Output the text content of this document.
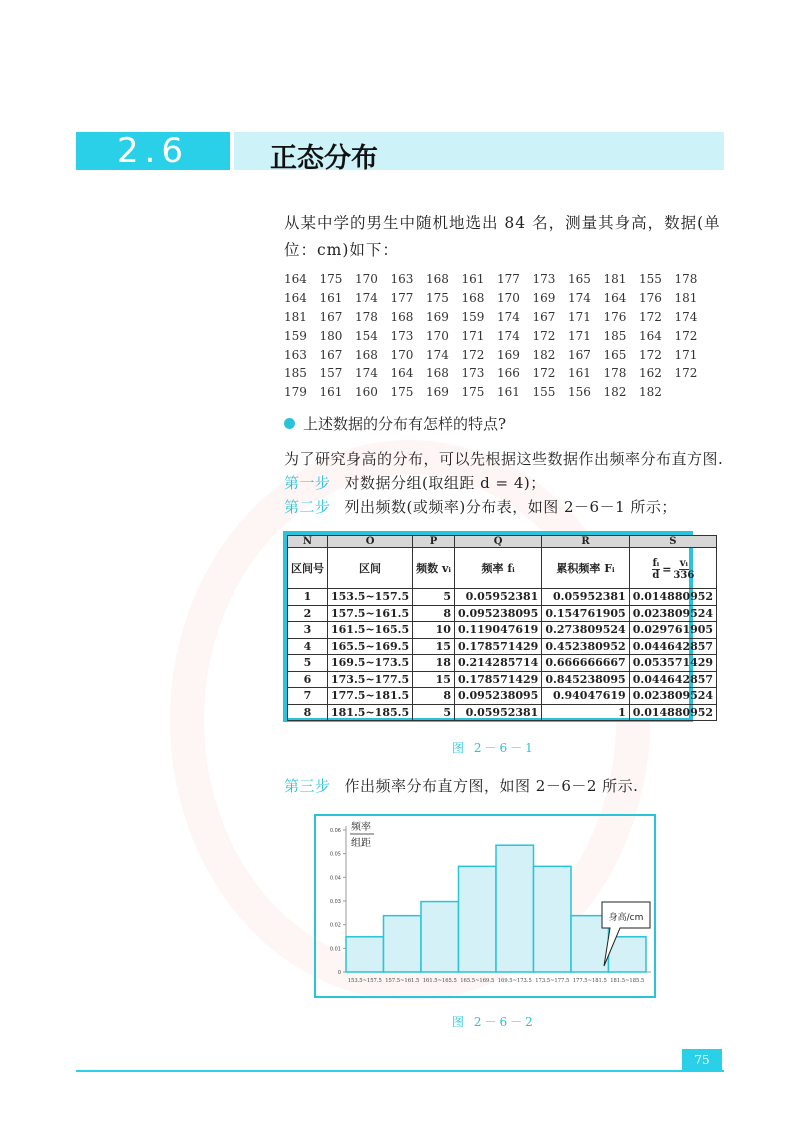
2.6	正态分布
从某中学的男生中随机地选出 84 名，测量其身高，数据(单位：cm)如下：
164	175	170	163	168	161	177	173	165	181	155	178
164	161	174	177	175	168	170	169	174	164	176	181
181	167	178	168	169	159	174	167	171	176	172	174
159	180	154	173	170	171	174	172	171	185	164	172
163	167	168	170	174	172	169	182	167	165	172	171
185	157	174	164	168	173	166	172	161	178	162	172
179	161	160	175	169	175	161	155	156	182	182
上述数据的分布有怎样的特点?
为了研究身高的分布，可以先根据这些数据作出频率分布直方图.
第一步 对数据分组(取组距 d = 4)；
第二步 列出频数(或频率)分布表，如图 2－6－1 所示；
N	O	P	Q	R	S
区间号	区间	频数 vᵢ	频率 fᵢ	累积频率 Fᵢ	$\frac{\text{fᵢ}}{d} = \frac{\text{vᵢ}}{336}$

1	153.5~157.5	5	0.05952381	0.05952381	0.014880952
2	157.5~161.5	8	0.095238095	0.154761905	0.023809524
3	161.5~165.5	10	0.119047619	0.273809524	0.029761905
4	165.5~169.5	15	0.178571429	0.452380952	0.044642857
5	169.5~173.5	18	0.214285714	0.666666667	0.053571429
6	173.5~177.5	15	0.178571429	0.845238095	0.044642857
7	177.5~181.5	8	0.095238095	0.94047619	0.023809524
8	181.5~185.5	5	0.05952381	1	0.014880952
图 2－6－1
第三步 作出频率分布直方图，如图 2－6－2 所示.
0
0.01
0.02
0.03
0.04
0.05
0.06
153.5~157.5 157.5~161.5 161.5~165.5 165.5~169.5 169.5~173.5 173.5~177.5 177.5~181.5 181.5~185.5
频率
组距
身高/cm
图 2－6－2
75
